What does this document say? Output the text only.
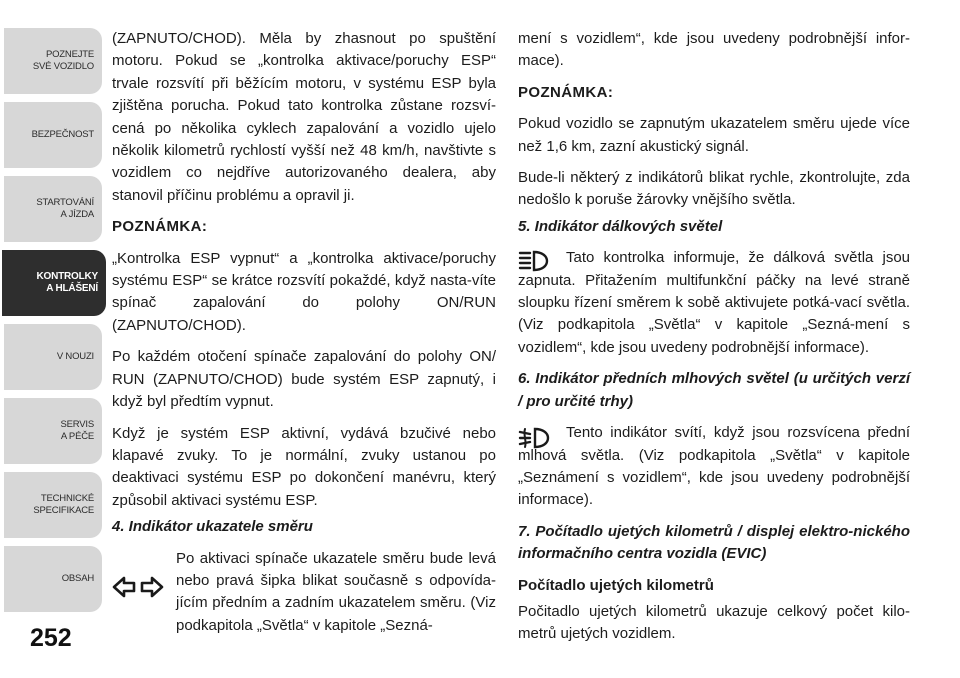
POZNEJTE
SVÉ VOZIDLO
BEZPEČNOST
STARTOVÁNÍ
A JÍZDA
KONTROLKY
A HLÁŠENÍ
V NOUZI
SERVIS
A PÉČE
TECHNICKÉ
SPECIFIKACE
OBSAH
252

(ZAPNUTO/CHOD). Měla by zhasnout po spuštění motoru. Pokud se „kontrolka aktivace/poruchy ESP“ trvale rozsvítí při běžícím motoru, v systému ESP byla zjištěna porucha. Pokud tato kontrolka zůstane rozsví-cená po několika cyklech zapalování a vozidlo ujelo několik kilometrů rychlostí vyšší než 48 km/h, navštivte s vozidlem co nejdříve autorizovaného dealera, aby stanovil příčinu problému a opravil ji.

POZNÁMKA:

„Kontrolka ESP vypnut“ a „kontrolka aktivace/poruchy systému ESP“ se krátce rozsvítí pokaždé, když nasta-víte spínač zapalování do polohy ON/RUN (ZAPNUTO/CHOD).

Po každém otočení spínače zapalování do polohy ON/ RUN (ZAPNUTO/CHOD) bude systém ESP zapnutý, i když byl předtím vypnut.

Když je systém ESP aktivní, vydává bzučivé nebo klapavé zvuky. To je normální, zvuky ustanou po deaktivaci systému ESP po dokončení manévru, který způsobil aktivaci systému ESP.

4. Indikátor ukazatele směru

Po aktivaci spínače ukazatele směru bude levá nebo pravá šipka blikat současně s odpovída-jícím předním a zadním ukazatelem směru. (Viz podkapitola „Světla“ v kapitole „Sezná-

mení s vozidlem“, kde jsou uvedeny podrobnější infor-mace).

POZNÁMKA:

Pokud vozidlo se zapnutým ukazatelem směru ujede více než 1,6 km, zazní akustický signál.

Bude-li některý z indikátorů blikat rychle, zkontrolujte, zda nedošlo k poruše žárovky vnějšího světla.

5. Indikátor dálkových světel

Tato kontrolka informuje, že dálková světla jsou zapnuta. Přitažením multifunkční páčky na levé straně sloupku řízení směrem k sobě aktivujete potká-vací světla. (Viz podkapitola „Světla“ v kapitole „Sezná-mení s vozidlem“, kde jsou uvedeny podrobnější informace).

6. Indikátor předních mlhových světel (u určitých verzí / pro určité trhy)

Tento indikátor svítí, když jsou rozsvícena přední mlhová světla. (Viz podkapitola „Světla“ v kapitole „Seznámení s vozidlem“, kde jsou uvedeny podrobnější informace).

7. Počítadlo ujetých kilometrů / displej elektro-nického informačního centra vozidla (EVIC)

Počítadlo ujetých kilometrů

Počitadlo ujetých kilometrů ukazuje celkový počet kilo-metrů ujetých vozidlem.
